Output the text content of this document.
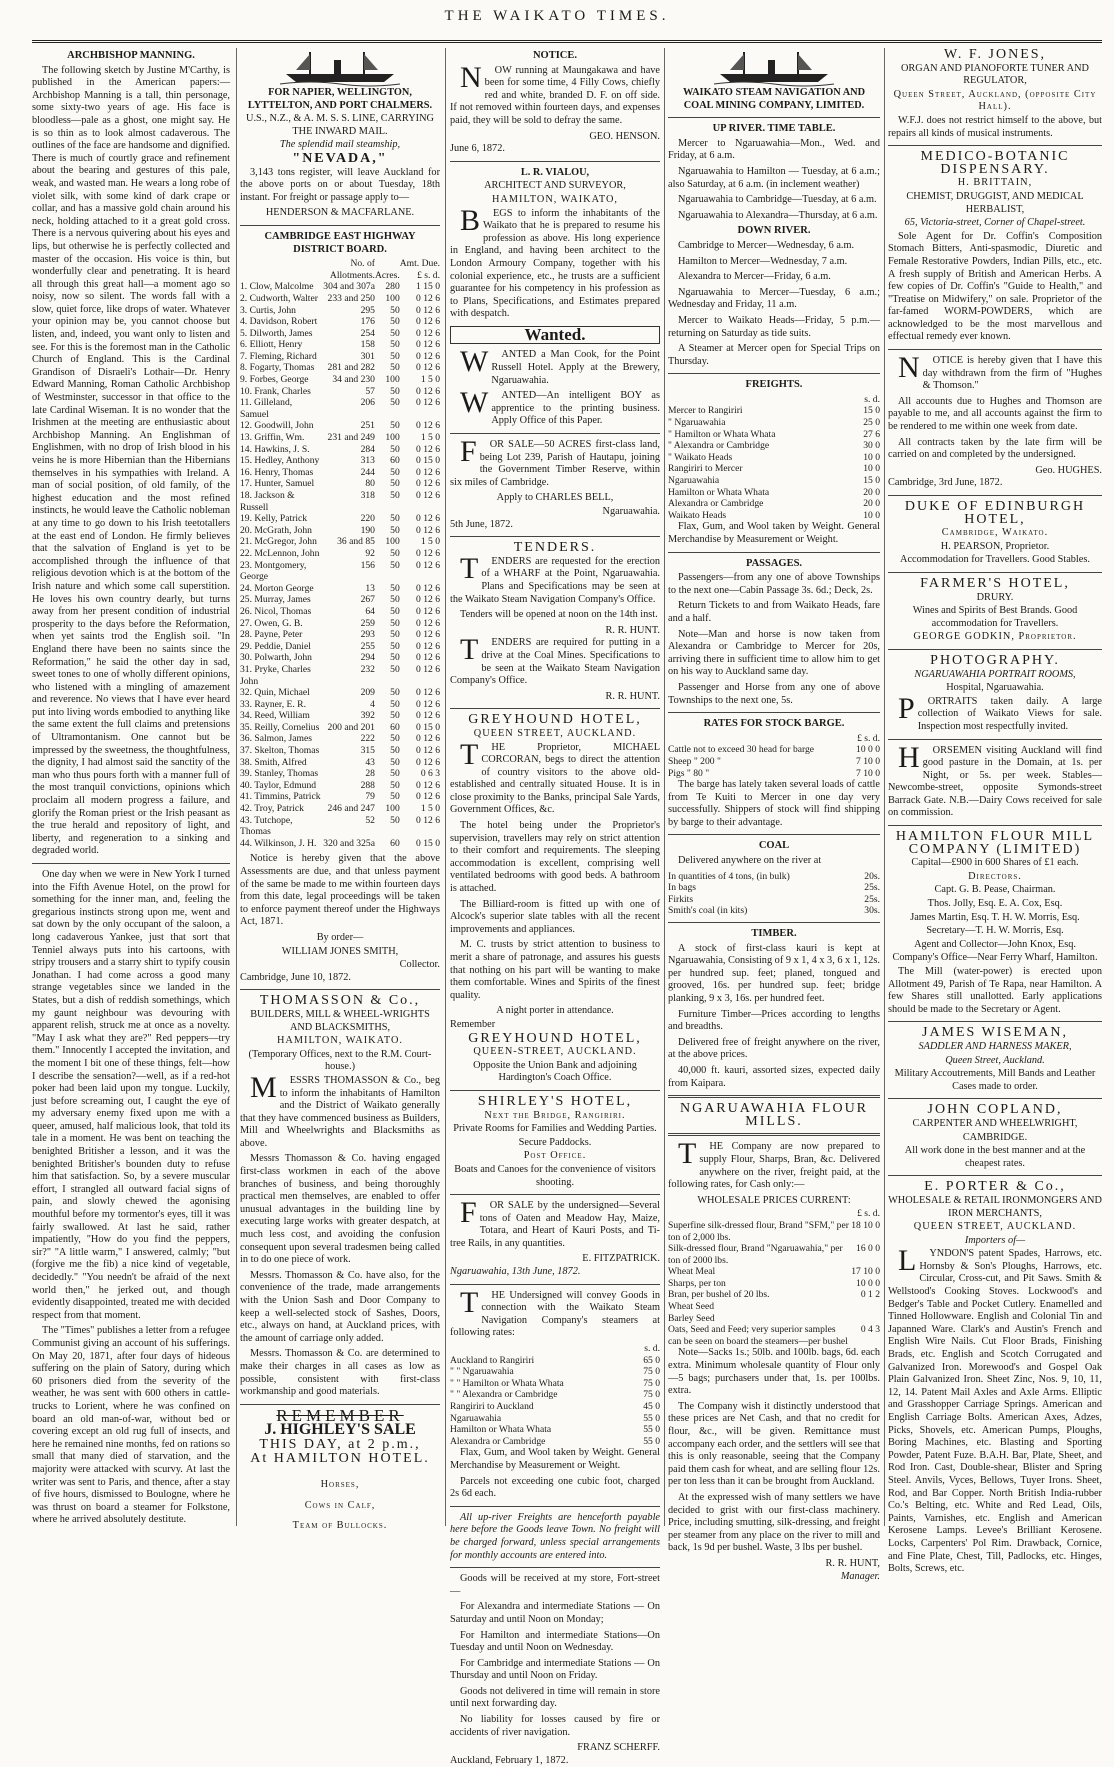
THE WAIKATO TIMES.
ARCHBISHOP MANNING.

The following sketch by Justine M'Carthy, is published in the American papers:—Archbishop Manning is a tall, thin personage, some sixty-two years of age. His face is bloodless—pale as a ghost, one might say. He is so thin as to look almost cadaverous. The outlines of the face are handsome and dignified. There is much of courtly grace and refinement about the bearing and gestures of this pale, weak, and wasted man. He wears a long robe of violet silk, with some kind of dark crape or collar, and has a massive gold chain around his neck, holding attached to it a great gold cross. There is a nervous quivering about his eyes and lips, but otherwise he is perfectly collected and master of the occasion. His voice is thin, but wonderfully clear and penetrating. It is heard all through this great hall—a moment ago so noisy, now so silent. The words fall with a slow, quiet force, like drops of water. Whatever your opinion may be, you cannot choose but listen, and, indeed, you want only to listen and see. For this is the foremost man in the Catholic Church of England. This is the Cardinal Grandison of Disraeli's Lothair—Dr. Henry Edward Manning, Roman Catholic Archbishop of Westminster, successor in that office to the late Cardinal Wiseman. It is no wonder that the Irishmen at the meeting are enthusiastic about Archbishop Manning. An Englishman of Englishmen, with no drop of Irish blood in his veins he is more Hibernian than the Hibernians themselves in his sympathies with Ireland. A man of social position, of old family, of the highest education and the most refined instincts, he would leave the Catholic nobleman at any time to go down to his Irish teetotallers at the east end of London. He firmly believes that the salvation of England is yet to be accomplished through the influence of that religious devotion which is at the bottom of the Irish nature and which some call superstition. He loves his own country dearly, but turns away from her present condition of industrial prosperity to the days before the Reformation, when yet saints trod the English soil. "In England there have been no saints since the Reformation," he said the other day in sad, sweet tones to one of wholly different opinions, who listened with a mingling of amazement and reverence. No views that I have ever heard put into living words embodied to anything like the same extent the full claims and pretensions of Ultramontanism. One cannot but be impressed by the sweetness, the thoughtfulness, the dignity, I had almost said the sanctity of the man who thus pours forth with a manner full of the most tranquil convictions, opinions which proclaim all modern progress a failure, and glorify the Roman priest or the Irish peasant as the true herald and repository of light, and liberty, and regeneration to a sinking and degraded world.

One day when we were in New York I turned into the Fifth Avenue Hotel, on the prowl for something for the inner man, and, feeling the gregarious instincts strong upon me, went and sat down by the only occupant of the saloon, a long cadaverous Yankee, just that sort that Tenniel always puts into his cartoons, with stripy trousers and a starry shirt to typify cousin Jonathan. I had come across a good many strange vegetables since we landed in the States, but a dish of reddish somethings, which my gaunt neighbour was devouring with apparent relish, struck me at once as a novelty. "May I ask what they are?" Red peppers—try them." Innocently I accepted the invitation, and the moment I bit one of these things, felt—how I describe the sensation?—well, as if a red-hot poker had been laid upon my tongue. Luckily, just before screaming out, I caught the eye of my adversary enemy fixed upon me with a queer, amused, half malicious look, that told its tale in a moment. He was bent on teaching the benighted Britisher a lesson, and it was the benighted Britisher's bounden duty to refuse him that satisfaction. So, by a severe muscular effort, I strangled all outward facial signs of pain, and slowly chewed the agonising mouthful before my tormentor's eyes, till it was fairly swallowed. At last he said, rather impatiently, "How do you find the peppers, sir?" "A little warm," I answered, calmly; "but (forgive me the fib) a nice kind of vegetable, decidedly." "You needn't be afraid of the next world then," he jerked out, and though evidently disappointed, treated me with decided respect from that moment.

The "Times" publishes a letter from a refugee Communist giving an account of his sufferings. On May 20, 1871, after four days of hideous suffering on the plain of Satory, during which 60 prisoners died from the severity of the weather, he was sent with 600 others in cattle-trucks to Lorient, where he was confined on board an old man-of-war, without bed or covering except an old rug full of insects, and here he remained nine months, fed on rations so small that many died of starvation, and the majority were attacked with scurvy. At last the writer was sent to Paris, and thence, after a stay of five hours, dismissed to Boulogne, where he was thrust on board a steamer for Folkstone, where he arrived absolutely destitute.

FOR NAPIER, WELLINGTON, LYTTELTON, AND PORT CHALMERS.
U.S., N.Z., & A. M. S. S. LINE, CARRYING THE INWARD MAIL.
The splendid mail steamship,
"NEVADA,"

3,143 tons register, will leave Auckland for the above ports on or about Tuesday, 18th instant. For freight or passage apply to—

HENDERSON & MACFARLANE.
CAMBRIDGE EAST HIGHWAY DISTRICT BOARD.
	No. of		Amt. Due.
	Allotments.	Acres.	£ s. d.
1. Clow, Malcolme	304 and 307a	280	1 15 0
2. Cudworth, Walter	233 and 250	100	0 12 6
3. Curtis, John	295	50	0 12 6
4. Davidson, Robert	176	50	0 12 6
5. Dilworth, James	254	50	0 12 6
6. Elliott, Henry	158	50	0 12 6
7. Fleming, Richard	301	50	0 12 6
8. Fogarty, Thomas	281 and 282	50	0 12 6
9. Forbes, George	34 and 230	100	1 5 0
10. Frank, Charles	57	50	0 12 6
11. Gilleland, Samuel	206	50	0 12 6
12. Goodwill, John	251	50	0 12 6
13. Griffin, Wm.	231 and 249	100	1 5 0
14. Hawkins, J. S.	284	50	0 12 6
15. Hedley, Anthony	313	60	0 15 0
16. Henry, Thomas	244	50	0 12 6
17. Hunter, Samuel	80	50	0 12 6
18. Jackson & Russell	318	50	0 12 6
19. Kelly, Patrick	220	50	0 12 6
20. McGrath, John	190	50	0 12 6
21. McGregor, John	36 and 85	100	1 5 0
22. McLennon, John	92	50	0 12 6
23. Montgomery, George	156	50	0 12 6
24. Morton George	13	50	0 12 6
25. Murray, James	267	50	0 12 6
26. Nicol, Thomas	64	50	0 12 6
27. Owen, G. B.	259	50	0 12 6
28. Payne, Peter	293	50	0 12 6
29. Peddie, Daniel	255	50	0 12 6
30. Polwarth, John	294	50	0 12 6
31. Pryke, Charles John	232	50	0 12 6
32. Quin, Michael	209	50	0 12 6
33. Rayner, E. R.	4	50	0 12 6
34. Reed, William	392	50	0 12 6
35. Reilly, Cornelius	200 and 201	60	0 15 0
36. Salmon, James	222	50	0 12 6
37. Skelton, Thomas	315	50	0 12 6
38. Smith, Alfred	43	50	0 12 6
39. Stanley, Thomas	28	50	0 6 3
40. Taylor, Edmund	288	50	0 12 6
41. Timmins, Patrick	79	50	0 12 6
42. Troy, Patrick	246 and 247	100	1 5 0
43. Tutchope, Thomas	52	50	0 12 6
44. Wilkinson, J. H.	320 and 325a	60	0 15 0

Notice is hereby given that the above Assessments are due, and that unless payment of the same be made to me within fourteen days from this date, legal proceedings will be taken to enforce payment thereof under the Highways Act, 1871.

By order—
WILLIAM JONES SMITH,
Collector.
Cambridge, June 10, 1872.
THOMASSON & Co.,
BUILDERS, MILL & WHEEL-WRIGHTS AND BLACKSMITHS,
HAMILTON, WAIKATO.
(Temporary Offices, next to the R.M. Court-house.)

MESSRS THOMASSON & Co., beg to inform the inhabitants of Hamilton and the District of Waikato generally that they have commenced business as Builders, Mill and Wheelwrights and Blacksmiths as above.

Messrs Thomasson & Co. having engaged first-class workmen in each of the above branches of business, and being thoroughly practical men themselves, are enabled to offer unusual advantages in the building line by executing large works with greater despatch, at much less cost, and avoiding the confusion consequent upon several tradesmen being called in to do one piece of work.

Messrs. Thomasson & Co. have also, for the convenience of the trade, made arrangements with the Union Sash and Door Company to keep a well-selected stock of Sashes, Doors, etc., always on hand, at Auckland prices, with the amount of carriage only added.

Messrs. Thomasson & Co. are determined to make their charges in all cases as low as possible, consistent with first-class workmanship and good materials.

REMEMBER
J. HIGHLEY'S SALE
THIS DAY, at 2 p.m.,
At HAMILTON HOTEL.
Horses,
Cows in Calf,
Team of Bullocks.
NOTICE.

NOW running at Maungakawa and have been for some time, 4 Filly Cows, chiefly red and white, branded D. F. on off side. If not removed within fourteen days, and expenses paid, they will be sold to defray the same.

GEO. HENSON.
June 6, 1872.
L. R. VIALOU,
ARCHITECT AND SURVEYOR,
HAMILTON, WAIKATO,

BEGS to inform the inhabitants of the Waikato that he is prepared to resume his profession as above. His long experience in England, and having been architect to the London Armoury Company, together with his colonial experience, etc., he trusts are a sufficient guarantee for his competency in his profession as to Plans, Specifications, and Estimates prepared with despatch.

Wanted.

WANTED a Man Cook, for the Point Russell Hotel. Apply at the Brewery, Ngaruawahia.

WANTED—An intelligent BOY as apprentice to the printing business. Apply Office of this Paper.

FOR SALE—50 ACRES first-class land, being Lot 239, Parish of Hautapu, joining the Government Timber Reserve, within six miles of Cambridge.

Apply to CHARLES BELL,
Ngaruawahia.
5th June, 1872.
TENDERS.

TENDERS are requested for the erection of a WHARF at the Point, Ngaruawahia. Plans and Specifications may be seen at the Waikato Steam Navigation Company's Office.

Tenders will be opened at noon on the 14th inst.

R. R. HUNT.

TENDERS are required for putting in a drive at the Coal Mines. Specifications to be seen at the Waikato Steam Navigation Company's Office.

R. R. HUNT.
GREYHOUND HOTEL,
QUEEN STREET, AUCKLAND.

THE Proprietor, MICHAEL CORCORAN, begs to direct the attention of country visitors to the above old-established and centrally situated House. It is in close proximity to the Banks, principal Sale Yards, Government Offices, &c.

The hotel being under the Proprietor's supervision, travellers may rely on strict attention to their comfort and requirements. The sleeping accommodation is excellent, comprising well ventilated bedrooms with good beds. A bathroom is attached.

The Billiard-room is fitted up with one of Alcock's superior slate tables with all the recent improvements and appliances.

M. C. trusts by strict attention to business to merit a share of patronage, and assures his guests that nothing on his part will be wanting to make them comfortable. Wines and Spirits of the finest quality.

A night porter in attendance.
Remember
GREYHOUND HOTEL,
QUEEN-STREET, AUCKLAND.
Opposite the Union Bank and adjoining Hardington's Coach Office.
SHIRLEY'S HOTEL,
Next the Bridge, Rangiriri.
Private Rooms for Families and Wedding Parties.
Secure Paddocks.
Post Office.
Boats and Canoes for the convenience of visitors shooting.

FOR SALE by the undersigned—Several tons of Oaten and Meadow Hay, Maize, Totara, and Heart of Kauri Posts, and Ti-tree Rails, in any quantities.

E. FITZPATRICK.
Ngaruawahia, 13th June, 1872.

THE Undersigned will convey Goods in connection with the Waikato Steam Navigation Company's steamers at following rates:

	s. d.
Auckland to Rangiriri	65 0
" " Ngaruawahia	75 0
" " Hamilton or Whata Whata	75 0
" " Alexandra or Cambridge	75 0
Rangiriri to Auckland	45 0
Ngaruawahia	55 0
Hamilton or Whata Whata	55 0
Alexandra or Cambridge	55 0

Flax, Gum, and Wool taken by Weight. General Merchandise by Measurement or Weight.

Parcels not exceeding one cubic foot, charged 2s 6d each.

All up-river Freights are henceforth payable here before the Goods leave Town. No freight will be charged forward, unless special arrangements for monthly accounts are entered into.

Goods will be received at my store, Fort-street—

For Alexandra and intermediate Stations — On Saturday and until Noon on Monday;

For Hamilton and intermediate Stations—On Tuesday and until Noon on Wednesday.

For Cambridge and intermediate Stations — On Thursday and until Noon on Friday.

Goods not delivered in time will remain in store until next forwarding day.

No liability for losses caused by fire or accidents of river navigation.

FRANZ SCHERFF.
Auckland, February 1, 1872.
WAIKATO STEAM NAVIGATION AND COAL MINING COMPANY, LIMITED.
UP RIVER. TIME TABLE.

Mercer to Ngaruawahia—Mon., Wed. and Friday, at 6 a.m.

Ngaruawahia to Hamilton — Tuesday, at 6 a.m.; also Saturday, at 6 a.m. (in inclement weather)

Ngaruawahia to Cambridge—Tuesday, at 6 a.m.

Ngaruawahia to Alexandra—Thursday, at 6 a.m.

DOWN RIVER.

Cambridge to Mercer—Wednesday, 6 a.m.

Hamilton to Mercer—Wednesday, 7 a.m.

Alexandra to Mercer—Friday, 6 a.m.

Ngaruawahia to Mercer—Tuesday, 6 a.m.; Wednesday and Friday, 11 a.m.

Mercer to Waikato Heads—Friday, 5 p.m.—returning on Saturday as tide suits.

A Steamer at Mercer open for Special Trips on Thursday.

FREIGHTS.
	s. d.
Mercer to Rangiriri	15 0
" Ngaruawahia	25 0
" Hamilton or Whata Whata	27 6
" Alexandra or Cambridge	30 0
" Waikato Heads	10 0
Rangiriri to Mercer	10 0
Ngaruawahia	15 0
Hamilton or Whata Whata	20 0
Alexandra or Cambridge	20 0
Waikato Heads	10 0

Flax, Gum, and Wool taken by Weight. General Merchandise by Measurement or Weight.

PASSAGES.

Passengers—from any one of above Townships to the next one—Cabin Passage 3s. 6d.; Deck, 2s.

Return Tickets to and from Waikato Heads, fare and a half.

Note—Man and horse is now taken from Alexandra or Cambridge to Mercer for 20s, arriving there in sufficient time to allow him to get on his way to Auckland same day.

Passenger and Horse from any one of above Townships to the next one, 5s.

RATES FOR STOCK BARGE.
	£ s. d.
Cattle not to exceed 30 head for barge	10 0 0
Sheep " 200 "	7 10 0
Pigs " 80 "	7 10 0

The barge has lately taken several loads of cattle from Te Kuiti to Mercer in one day very successfully. Shippers of stock will find shipping by barge to their advantage.

COAL

Delivered anywhere on the river at

In quantities of 4 tons, (in bulk)	20s.
In bags	25s.
Firkits	25s.
Smith's coal (in kits)	30s.
TIMBER.

A stock of first-class kauri is kept at Ngaruawahia, Consisting of 9 x 1, 4 x 3, 6 x 1, 12s. per hundred sup. feet; planed, tongued and grooved, 16s. per hundred sup. feet; bridge planking, 9 x 3, 16s. per hundred feet.

Furniture Timber—Prices according to lengths and breadths.

Delivered free of freight anywhere on the river, at the above prices.

40,000 ft. kauri, assorted sizes, expected daily from Kaipara.

NGARUAWAHIA FLOUR MILLS.

THE Company are now prepared to supply Flour, Sharps, Bran, &c. Delivered anywhere on the river, freight paid, at the following rates, for Cash only:—

WHOLESALE PRICES CURRENT:
	£ s. d.
Superfine silk-dressed flour, Brand "SFM," per ton of 2,000 lbs.	18 10 0
Silk-dressed flour, Brand "Ngaruawahia," per ton of 2000 lbs.	16 0 0
Wheat Meal	17 10 0
Sharps, per ton	10 0 0
Bran, per bushel of 20 lbs.	0 1 2
Wheat Seed	
Barley Seed	
Oats, Seed and Feed; very superior samples can be seen on board the steamers—per bushel	0 4 3

Note—Sacks 1s.; 50lb. and 100lb. bags, 6d. each extra. Minimum wholesale quantity of Flour only—5 bags; purchasers under that, 1s. per 100lbs. extra.

The Company wish it distinctly understood that these prices are Net Cash, and that no credit for flour, &c., will be given. Remittance must accompany each order, and the settlers will see that this is only reasonable, seeing that the Company paid them cash for wheat, and are selling flour 12s. per ton less than it can be brought from Auckland.

At the expressed wish of many settlers we have decided to grist with our first-class machinery. Price, including smutting, silk-dressing, and freight per steamer from any place on the river to mill and back, 1s 9d per bushel. Waste, 3 lbs per bushel.

R. R. HUNT,
Manager.
W. F. JONES,
ORGAN AND PIANOFORTE TUNER AND REGULATOR,
Queen Street, Auckland, (opposite City Hall).

W.F.J. does not restrict himself to the above, but repairs all kinds of musical instruments.

MEDICO-BOTANIC DISPENSARY.
H. BRITTAIN,
CHEMIST, DRUGGIST, AND MEDICAL HERBALIST,
65, Victoria-street, Corner of Chapel-street.

Sole Agent for Dr. Coffin's Composition Stomach Bitters, Anti-spasmodic, Diuretic and Female Restorative Powders, Indian Pills, etc., etc. A fresh supply of British and American Herbs. A few copies of Dr. Coffin's "Guide to Health," and "Treatise on Midwifery," on sale. Proprietor of the far-famed WORM-POWDERS, which are acknowledged to be the most marvellous and effectual remedy ever known.

NOTICE is hereby given that I have this day withdrawn from the firm of "Hughes & Thomson."

All accounts due to Hughes and Thomson are payable to me, and all accounts against the firm to be rendered to me within one week from date.

All contracts taken by the late firm will be carried on and completed by the undersigned.

Geo. HUGHES.
Cambridge, 3rd June, 1872.
DUKE OF EDINBURGH HOTEL,
Cambridge, Waikato.
H. PEARSON, Proprietor.
Accommodation for Travellers. Good Stables.
FARMER'S HOTEL,
DRURY.
Wines and Spirits of Best Brands. Good accommodation for Travellers.
GEORGE GODKIN, Proprietor.
PHOTOGRAPHY.
NGARUAWAHIA PORTRAIT ROOMS,
Hospital, Ngaruawahia.

PORTRAITS taken daily. A large collection of Waikato Views for sale. Inspection most respectfully invited.

HORSEMEN visiting Auckland will find good pasture in the Domain, at 1s. per Night, or 5s. per week. Stables—Newcombe-street, opposite Symonds-street Barrack Gate. N.B.—Dairy Cows received for sale on commission.

HAMILTON FLOUR MILL COMPANY (LIMITED)
Capital—£900 in 600 Shares of £1 each.
Directors.
Capt. G. B. Pease, Chairman.
Thos. Jolly, Esq. E. A. Cox, Esq.
James Martin, Esq. T. H. W. Morris, Esq.
Secretary—T. H. W. Morris, Esq.
Agent and Collector—John Knox, Esq.
Company's Office—Near Ferry Wharf, Hamilton.

The Mill (water-power) is erected upon Allotment 49, Parish of Te Rapa, near Hamilton. A few Shares still unallotted. Early applications should be made to the Secretary or Agent.

JAMES WISEMAN,
SADDLER AND HARNESS MAKER,
Queen Street, Auckland.
Military Accoutrements, Mill Bands and Leather Cases made to order.
JOHN COPLAND,
CARPENTER AND WHEELWRIGHT,
CAMBRIDGE.
All work done in the best manner and at the cheapest rates.
E. PORTER & Co.,
WHOLESALE & RETAIL IRONMONGERS AND IRON MERCHANTS,
QUEEN STREET, AUCKLAND.
Importers of—

LYNDON'S patent Spades, Harrows, etc. Hornsby & Son's Ploughs, Harrows, etc. Circular, Cross-cut, and Pit Saws. Smith & Wellstood's Cooking Stoves. Lockwood's and Bedger's Table and Pocket Cutlery. Enamelled and Tinned Hollowware. English and Colonial Tin and Japanned Ware. Clark's and Austin's French and English Wire Nails. Cut Floor Brads, Finishing Brads, etc. English and Scotch Corrugated and Galvanized Iron. Morewood's and Gospel Oak Plain Galvanized Iron. Sheet Zinc, Nos. 9, 10, 11, 12, 14. Patent Mail Axles and Axle Arms. Elliptic and Grasshopper Carriage Springs. American and English Carriage Bolts. American Axes, Adzes, Picks, Shovels, etc. American Pumps, Ploughs, Boring Machines, etc. Blasting and Sporting Powder, Patent Fuze. B.A.H. Bar, Plate, Sheet, and Rod Iron. Cast, Double-shear, Blister and Spring Steel. Anvils, Vyces, Bellows, Tuyer Irons. Sheet, Rod, and Bar Copper. North British India-rubber Co.'s Belting, etc. White and Red Lead, Oils, Paints, Varnishes, etc. English and American Kerosene Lamps. Levee's Brilliant Kerosene. Locks, Carpenters' Pol Rim. Drawback, Cornice, and Fine Plate, Chest, Till, Padlocks, etc. Hinges, Bolts, Screws, etc.
